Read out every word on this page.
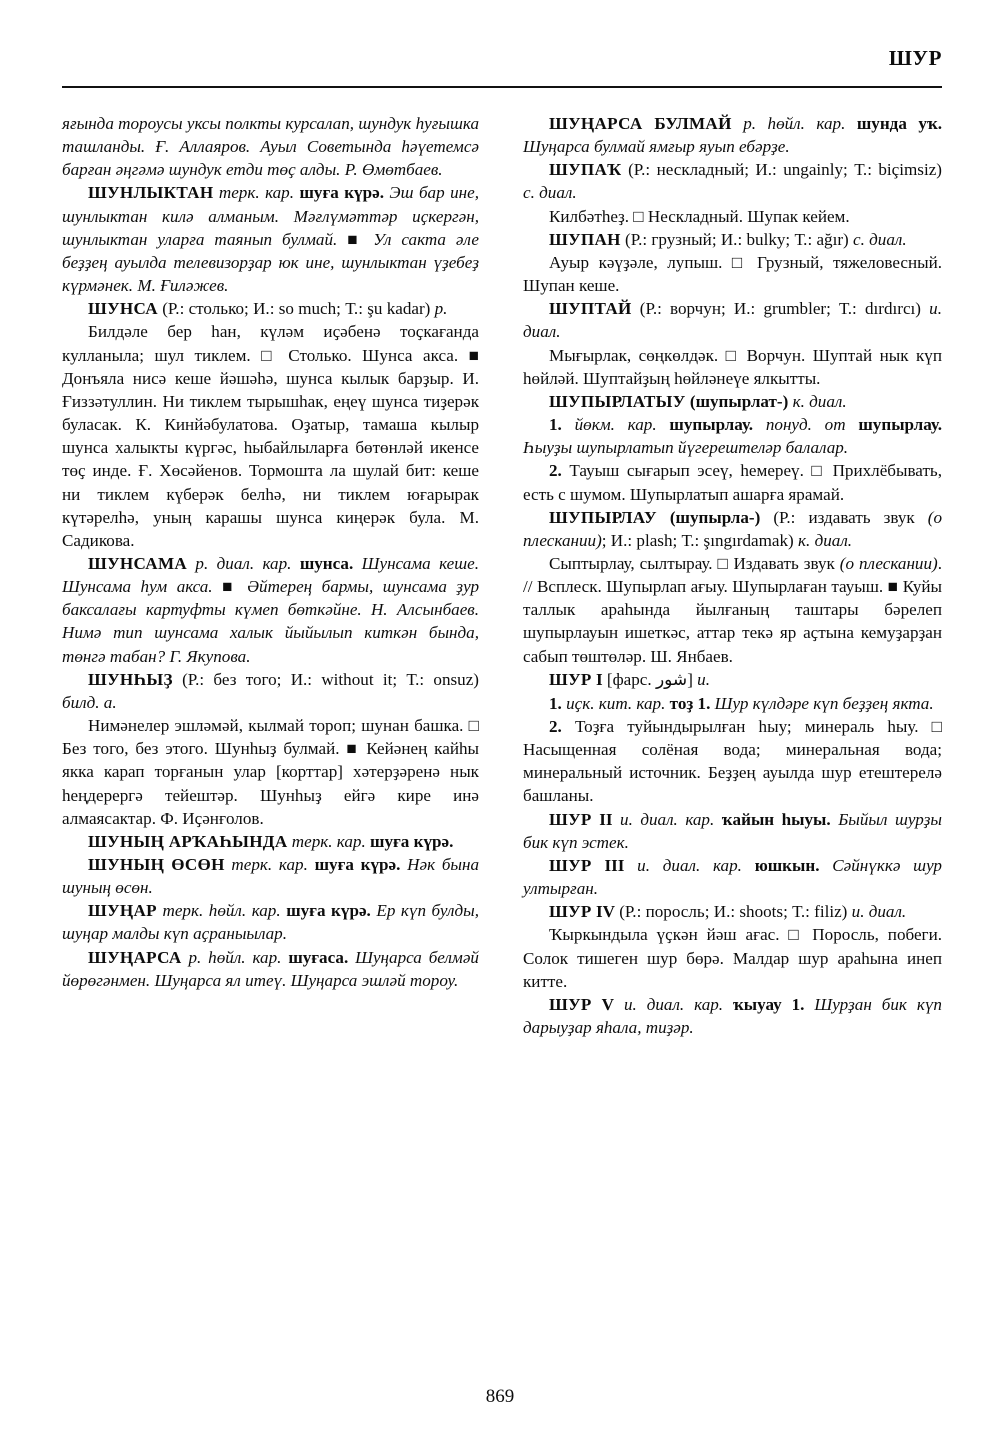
ШУР

яғында тороусы уксы полкты курсалап, шундук һуғышка ташланды. Ғ. Аллаяров. Ауыл Советында һәүетемсә барған әңгәмә шундук етди төҫ алды. Р. Өмөтбаев.

ШУНЛЫКТАН терк. кар. шуға күрә. Эш бар ине, шунлыктан килә алманым. Мәғлүмәттәр иҫкергән, шунлыктан уларға таянып булмай. ■ Ул сакта әле беҙҙең ауылда телевизорҙар юк ине, шунлыктан үҙебеҙ күрмәнек. М. Ғиләжев.

ШУНСА (Р.: столько; И.: so much; Т.: şu kadar) р.

Билдәле бер һан, күләм иҫәбенә тоҫкағанда кулланыла; шул тиклем. □ Столько. Шунса акса. ■ Донъяла нисә кеше йәшәһә, шунса кылык барҙыр. И. Ғиззәтуллин. Ни тиклем тырышһак, еңеү шунса тиҙерәк буласак. К. Кинйәбулатова. Оҙатыр, тамаша кылыр шунса халыкты күргәс, һыбайлыларға бөтөнләй икенсе төҫ инде. Ғ. Хөсәйенов. Тормошта ла шулай бит: кеше ни тиклем күберәк белһә, ни тиклем юғарырак күтәрелһә, уның карашы шунса киңерәк була. М. Садикова.

ШУНСАМА р. диал. кар. шунса. Шунсама кеше. Шунсама һум акса. ■ Әйтерең бармы, шунсама ҙур баксалағы картуфты күмеп бөткәйне. Н. Алсынбаев. Нимә тип шунсама халык йыйылып киткән бында, төнгә табан? Г. Якупова.

ШУНҺЫҘ (Р.: без того; И.: without it; Т.: onsuz) билд. а.

Нимәнелер эшләмәй, кылмай тороп; шунан башка. □ Без того, без этого. Шунһыҙ булмай. ■ Кейәнең кайһы якка карап торғанын улар [корттар] хәтерҙәренә нык һеңдерергә тейештәр. Шунһыҙ ейгә кире инә алмаясактар. Ф. Иҫәнғолов.

ШУНЫҢ АРҠАҺЫНДА терк. кар. шуға күрә.

ШУНЫҢ ӨСӨН терк. кар. шуға күрә. Нәк бына шуның өсөн.

ШУҢАР терк. һөйл. кар. шуға күрә. Ер күп булды, шуңар малды күп аҫраныылар.

ШУҢАРСА р. һөйл. кар. шуғаса. Шуңарса белмәй йөрөгәнмен. Шуңарса ял итеү. Шуңарса эшләй тороу.

ШУҢАРСА БУЛМАЙ р. һөйл. кар. шунда уҡ. Шуңарса булмай ямғыр яуып ебәрҙе.

ШУПАҠ (Р.: нескладный; И.: ungainly; Т.: biçimsiz) с. диал.

Килбәтһеҙ. □ Нескладный. Шупак кейем.

ШУПАН (Р.: грузный; И.: bulky; Т.: ağır) с. диал.

Ауыр кәүҙәле, лупыш. □ Грузный, тяжеловесный. Шупан кеше.

ШУПТАЙ (Р.: ворчун; И.: grumbler; Т.: dırdırcı) и. диал.

Мығырлак, сөңкөлдәк. □ Ворчун. Шуптай нык күп һөйләй. Шуптайҙың һөйләнеүе ялкытты.

ШУПЫРЛАТЫУ (шупырлат-) к. диал.

1. йөкм. кар. шупырлау. понуд. от шупырлау. Һыуҙы шупырлатып йүгерештеләр балалар.

2. Тауыш сығарып эсеү, һемереү. □ Прихлёбывать, есть с шумом. Шупырлатып ашарға ярамай.

ШУПЫРЛАУ (шупырла-) (Р.: издавать звук (о плескании); И.: plash; Т.: şıngırdamak) к. диал.

Сыптырлау, сылтырау. □ Издавать звук (о плескании). // Всплеск. Шупырлап ағыу. Шупырлаған тауыш. ■ Куйы таллык араһында йылғаның таштары бәрелеп шупырлауын ишеткәс, аттар текә яр аҫтына кемуҙарҙан сабып төштөләр. Ш. Янбаев.

ШУР I [фарс. شور] и.

1. иҫк. кит. кар. тоҙ 1. Шур күлдәре күп беҙҙең якта.

2. Тоҙға туйындырылған һыу; минераль һыу. □ Насыщенная солёная вода; минеральная вода; минеральный источник. Беҙҙең ауылда шур етештерелә башланы.

ШУР II и. диал. кар. ҡайын һыуы. Быйыл шурҙы бик күп эстек.

ШУР III и. диал. кар. юшкын. Сәйнүккә шур ултырған.

ШУР IV (Р.: поросль; И.: shoots; Т.: filiz) и. диал.

Ҡыркындыла үҫкән йәш ағас. □ Поросль, побеги. Солок тишеген шур бөрә. Малдар шур араһына инеп китте.

ШУР V и. диал. кар. ҡыуау 1. Шурҙан бик күп дарыуҙар яһала, тиҙәр.

869
